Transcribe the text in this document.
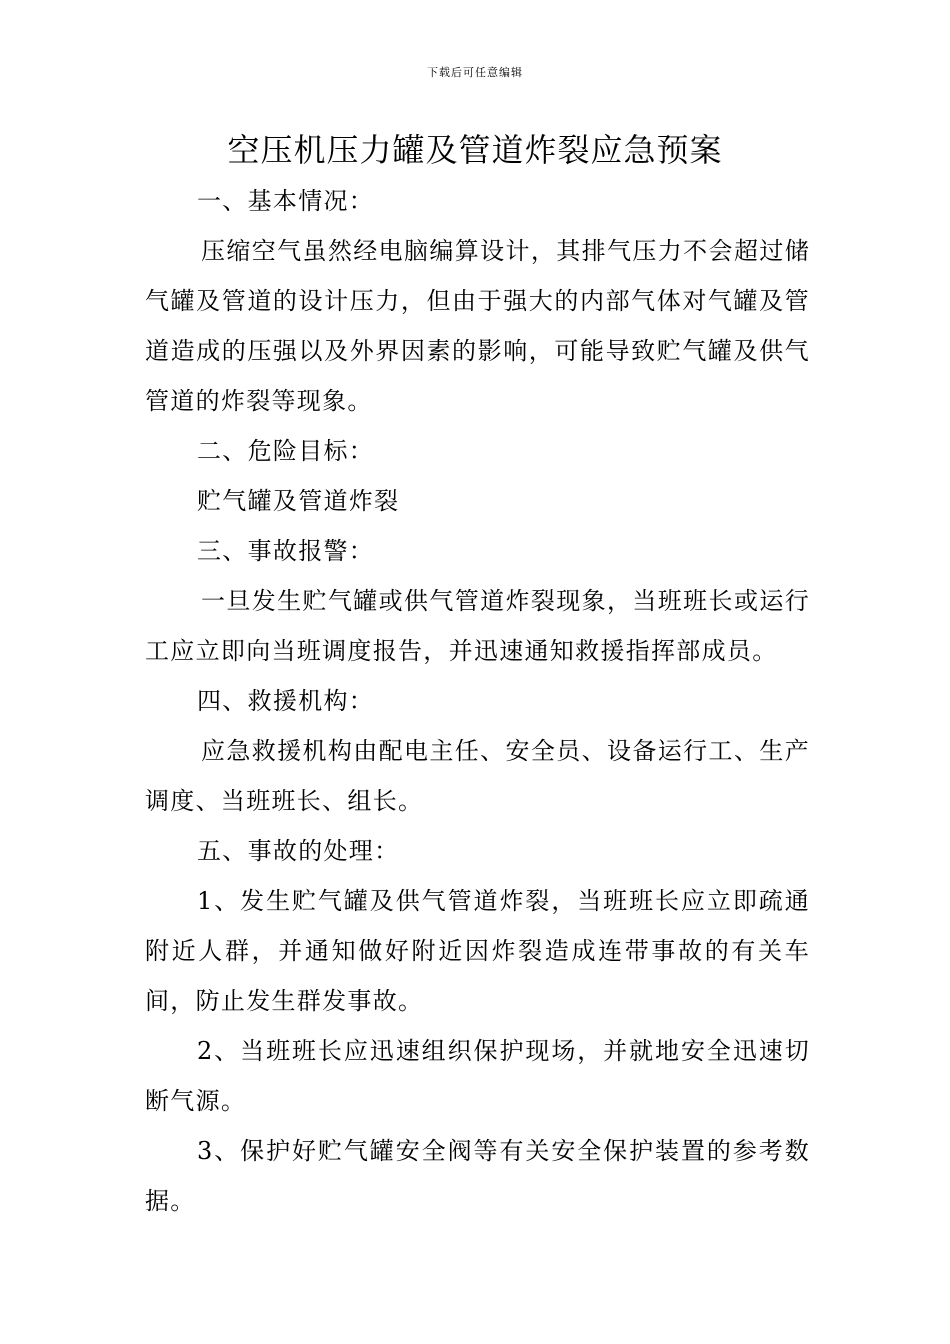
下载后可任意编辑
空压机压力罐及管道炸裂应急预案

一、基本情况：

压缩空气虽然经电脑编算设计，其排气压力不会超过储气罐及管道的设计压力，但由于强大的内部气体对气罐及管道造成的压强以及外界因素的影响，可能导致贮气罐及供气管道的炸裂等现象。

二、危险目标：

贮气罐及管道炸裂

三、事故报警：

一旦发生贮气罐或供气管道炸裂现象，当班班长或运行工应立即向当班调度报告，并迅速通知救援指挥部成员。

四、救援机构：

应急救援机构由配电主任、安全员、设备运行工、生产调度、当班班长、组长。

五、事故的处理：

1、发生贮气罐及供气管道炸裂，当班班长应立即疏通附近人群，并通知做好附近因炸裂造成连带事故的有关车间，防止发生群发事故。

2、当班班长应迅速组织保护现场，并就地安全迅速切断气源。

3、保护好贮气罐安全阀等有关安全保护装置的参考数据。
